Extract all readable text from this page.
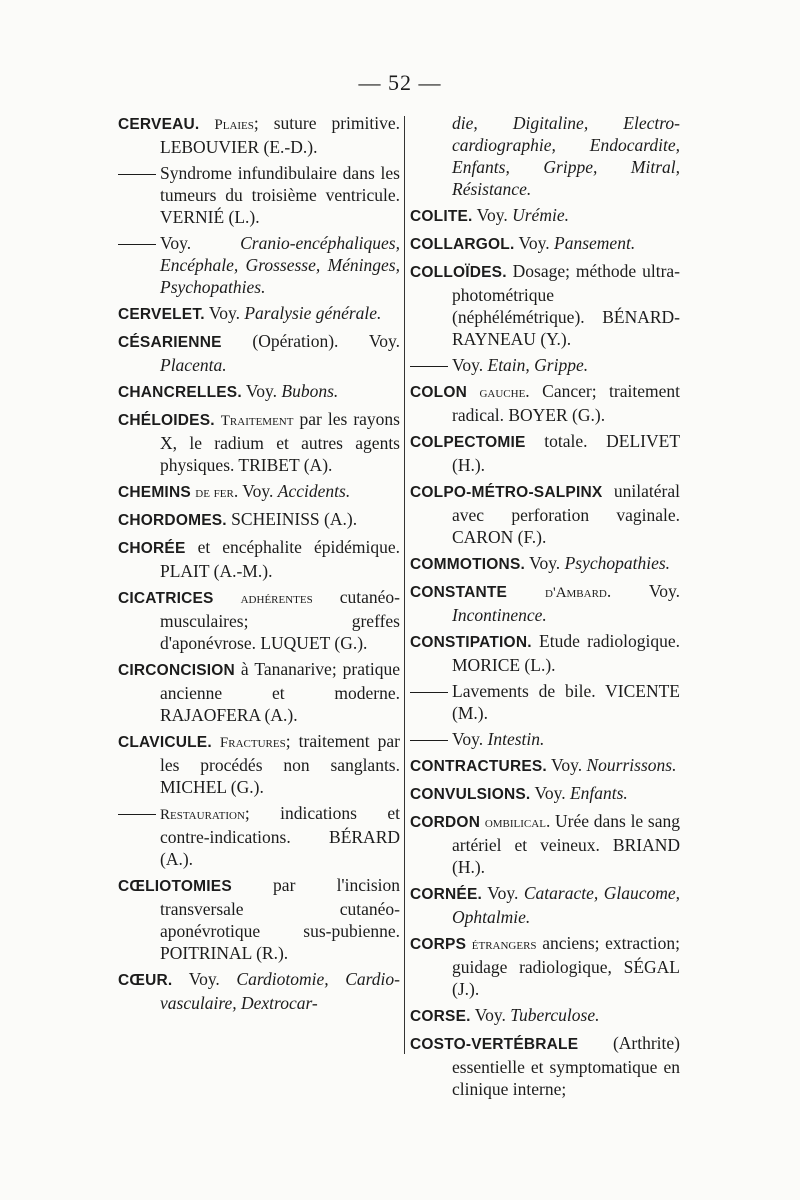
— 52 —
CERVEAU. Plaies; suture primitive. LEBOUVIER (E.-D.).
Syndrome infundibulaire dans les tumeurs du troisième ventricule. VERNIÉ (L.).
Voy.	Cranio-encéphaliques, Encéphale, Grossesse, Méninges, Psychopathies.
CERVELET. Voy. Paralysie générale.
CÉSARIENNE (Opération). Voy. Placenta.
CHANCRELLES. Voy. Bubons.
CHÉLOIDES. Traitement par les rayons X, le radium et autres agents physiques. TRIBET (A).
CHEMINS de fer. Voy. Accidents.
CHORDOMES. SCHEINISS (A.).
CHORÉE et encéphalite épidémique. PLAIT (A.-M.).
CICATRICES adhérentes cutanéo-musculaires; greffes d'aponévrose. LUQUET (G.).
CIRCONCISION à Tananarive; pratique ancienne et moderne. RAJAOFERA (A.).
CLAVICULE. Fractures; traitement par les procédés non sanglants. MICHEL (G.).
Restauration; indications et contre-indications. BÉRARD (A.).
CŒLIOTOMIES par l'incision transversale cutanéo-aponévrotique sus-pubienne. POITRINAL (R.).
CŒUR. Voy. Cardiotomie, Cardio-vasculaire, Dextrocar-
die, Digitaline, Electro-cardiographie, Endocardite, Enfants, Grippe, Mitral, Résistance.
COLITE. Voy. Urémie.
COLLARGOL. Voy. Pansement.
COLLOÏDES. Dosage; méthode ultra-photométrique (néphélémétrique). BÉNARD-RAYNEAU (Y.).
Voy. Etain, Grippe.
COLON gauche. Cancer; traitement radical. BOYER (G.).
COLPECTOMIE totale. DELIVET (H.).
COLPO-MÉTRO-SALPINX unilatéral avec perforation vaginale. CARON (F.).
COMMOTIONS. Voy. Psychopathies.
CONSTANTE	d'Ambard. Voy. Incontinence.
CONSTIPATION. Etude radiologique. MORICE (L.).
Lavements de bile. VICENTE (M.).
Voy. Intestin.
CONTRACTURES. Voy. Nourrissons.
CONVULSIONS. Voy. Enfants.
CORDON ombilical. Urée dans le sang artériel et veineux. BRIAND (H.).
CORNÉE. Voy. Cataracte, Glaucome, Ophtalmie.
CORPS étrangers anciens; extraction; guidage radiologique, SÉGAL (J.).
CORSE. Voy. Tuberculose.
COSTO-VERTÉBRALE (Arthrite) essentielle et symptomatique en clinique interne;
